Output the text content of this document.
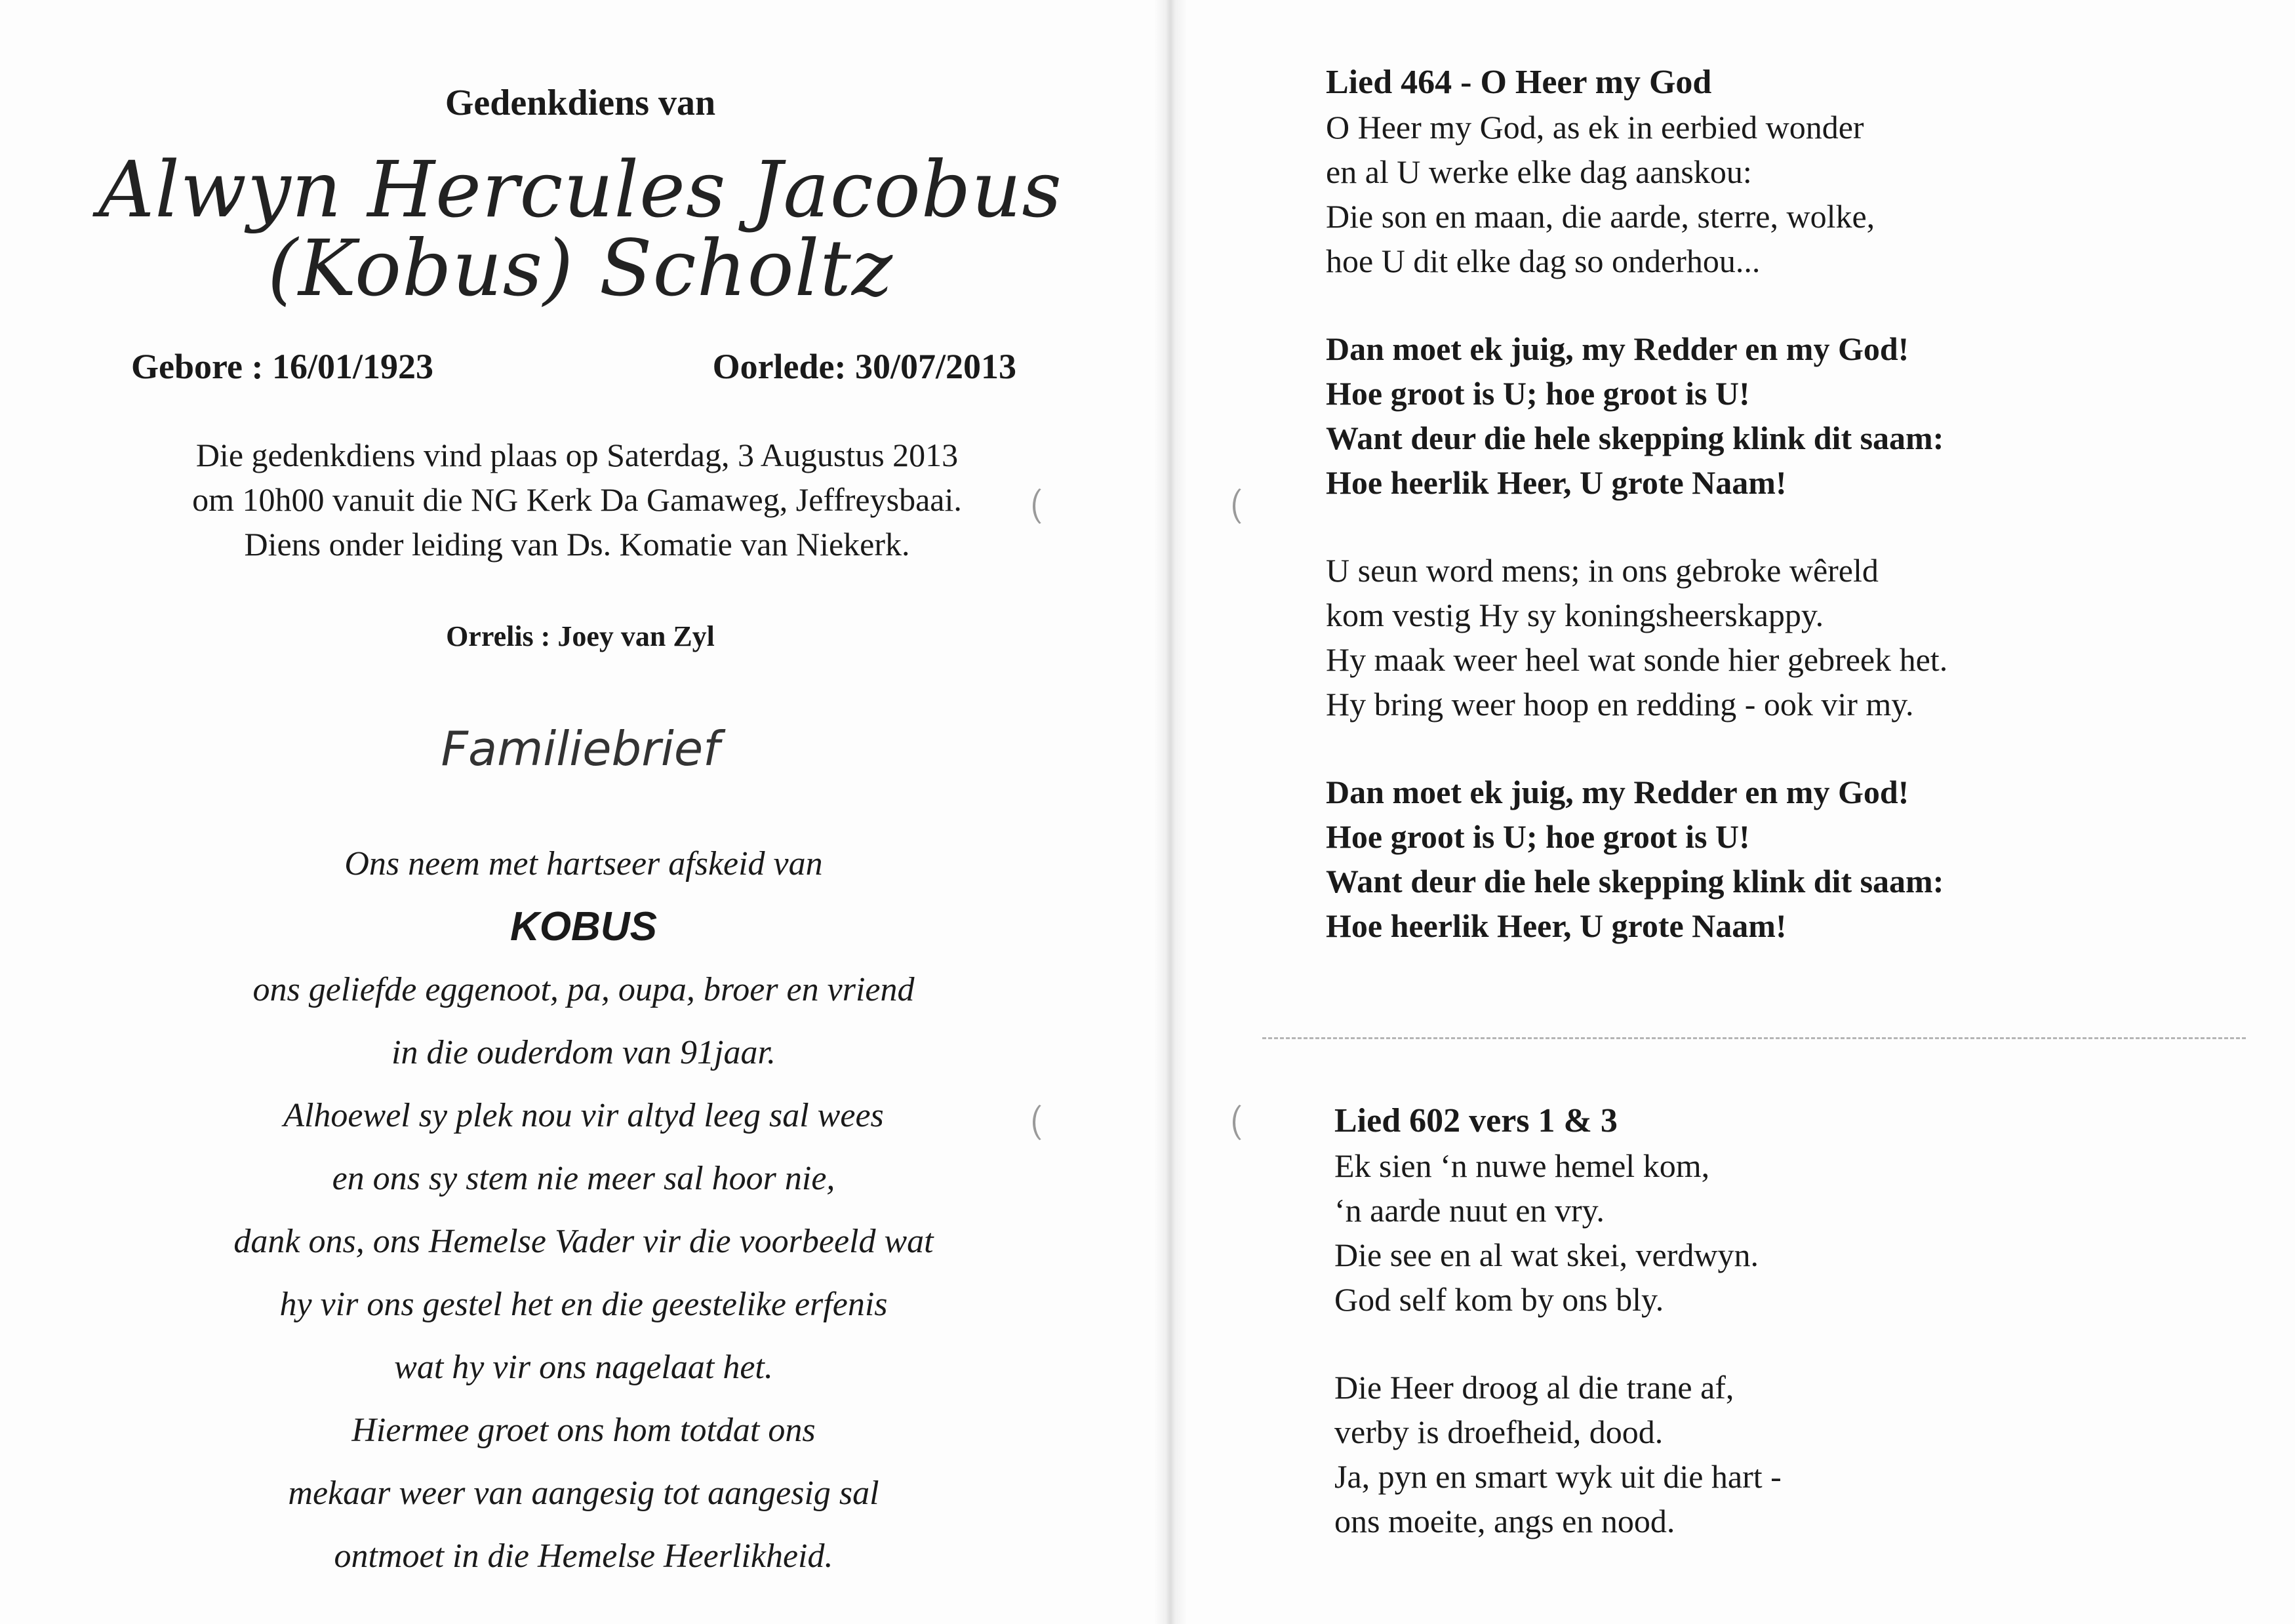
Gedenkdiens van
Alwyn Hercules Jacobus
(Kobus) Scholtz
Gebore : 16/01/1923	Oorlede: 30/07/2013
Die gedenkdiens vind plaas op Saterdag, 3 Augustus 2013
om 10h00 vanuit die NG Kerk Da Gamaweg, Jeffreysbaai.
Diens onder leiding van Ds. Komatie van Niekerk.
Orrelis : Joey van Zyl
Familiebrief
Ons neem met hartseer afskeid van
KOBUS
ons geliefde eggenoot, pa, oupa, broer en vriend
in die ouderdom van 91jaar.
Alhoewel sy plek nou vir altyd leeg sal wees
en ons sy stem nie meer sal hoor nie,
dank ons, ons Hemelse Vader vir die voorbeeld wat
hy vir ons gestel het en die geestelike erfenis
wat hy vir ons nagelaat het.
Hiermee groet ons hom totdat ons
mekaar weer van aangesig tot aangesig sal
ontmoet in die Hemelse Heerlikheid.
Lied 464 - O Heer my God
O Heer my God, as ek in eerbied wonder
en al U werke elke dag aanskou:
Die son en maan, die aarde, sterre, wolke,
hoe U dit elke dag so onderhou...
Dan moet ek juig, my Redder en my God!
Hoe groot is U; hoe groot is U!
Want deur die hele skepping klink dit saam:
Hoe heerlik Heer, U grote Naam!
U seun word mens; in ons gebroke wêreld
kom vestig Hy sy koningsheerskappy.
Hy maak weer heel wat sonde hier gebreek het.
Hy bring weer hoop en redding - ook vir my.
Dan moet ek juig, my Redder en my God!
Hoe groot is U; hoe groot is U!
Want deur die hele skepping klink dit saam:
Hoe heerlik Heer, U grote Naam!
Lied 602 vers 1 & 3
Ek sien ‘n nuwe hemel kom,
‘n aarde nuut en vry.
Die see en al wat skei, verdwyn.
God self kom by ons bly.
Die Heer droog al die trane af,
verby is droefheid, dood.
Ja, pyn en smart wyk uit die hart -
ons moeite, angs en nood.
